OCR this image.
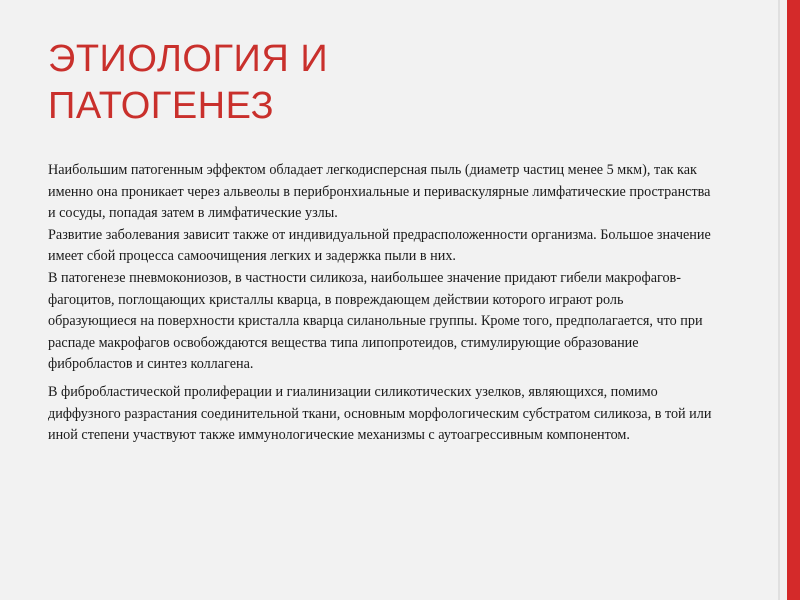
ЭТИОЛОГИЯ И
ПАТОГЕНЕЗ

Наибольшим патогенным эффектом обладает легкодисперсная пыль (диаметр частиц менее 5 мкм), так как именно она проникает через альвеолы в перибронхиальные и периваскулярные лимфатические пространства и сосуды, попадая затем в лимфатические узлы.

Развитие заболевания зависит также от индивидуальной предрасположенности организма. Большое значение имеет сбой процесса самоочищения легких и задержка пыли в них.

В патогенезе пневмокониозов, в частности силикоза, наибольшее значение придают гибели макрофагов-фагоцитов, поглощающих кристаллы кварца, в повреждающем действии которого играют роль образующиеся на поверхности кристалла кварца силанольные группы. Кроме того, предполагается, что при распаде макрофагов освобождаются вещества типа липопротеидов, стимулирующие образование фибробластов и синтез коллагена.

В фибробластической пролиферации и гиалинизации силикотических узелков, являющихся, помимо диффузного разрастания соединительной ткани, основным морфологическим субстратом силикоза, в той или иной степени участвуют также иммунологические механизмы с аутоагрессивным компонентом.
